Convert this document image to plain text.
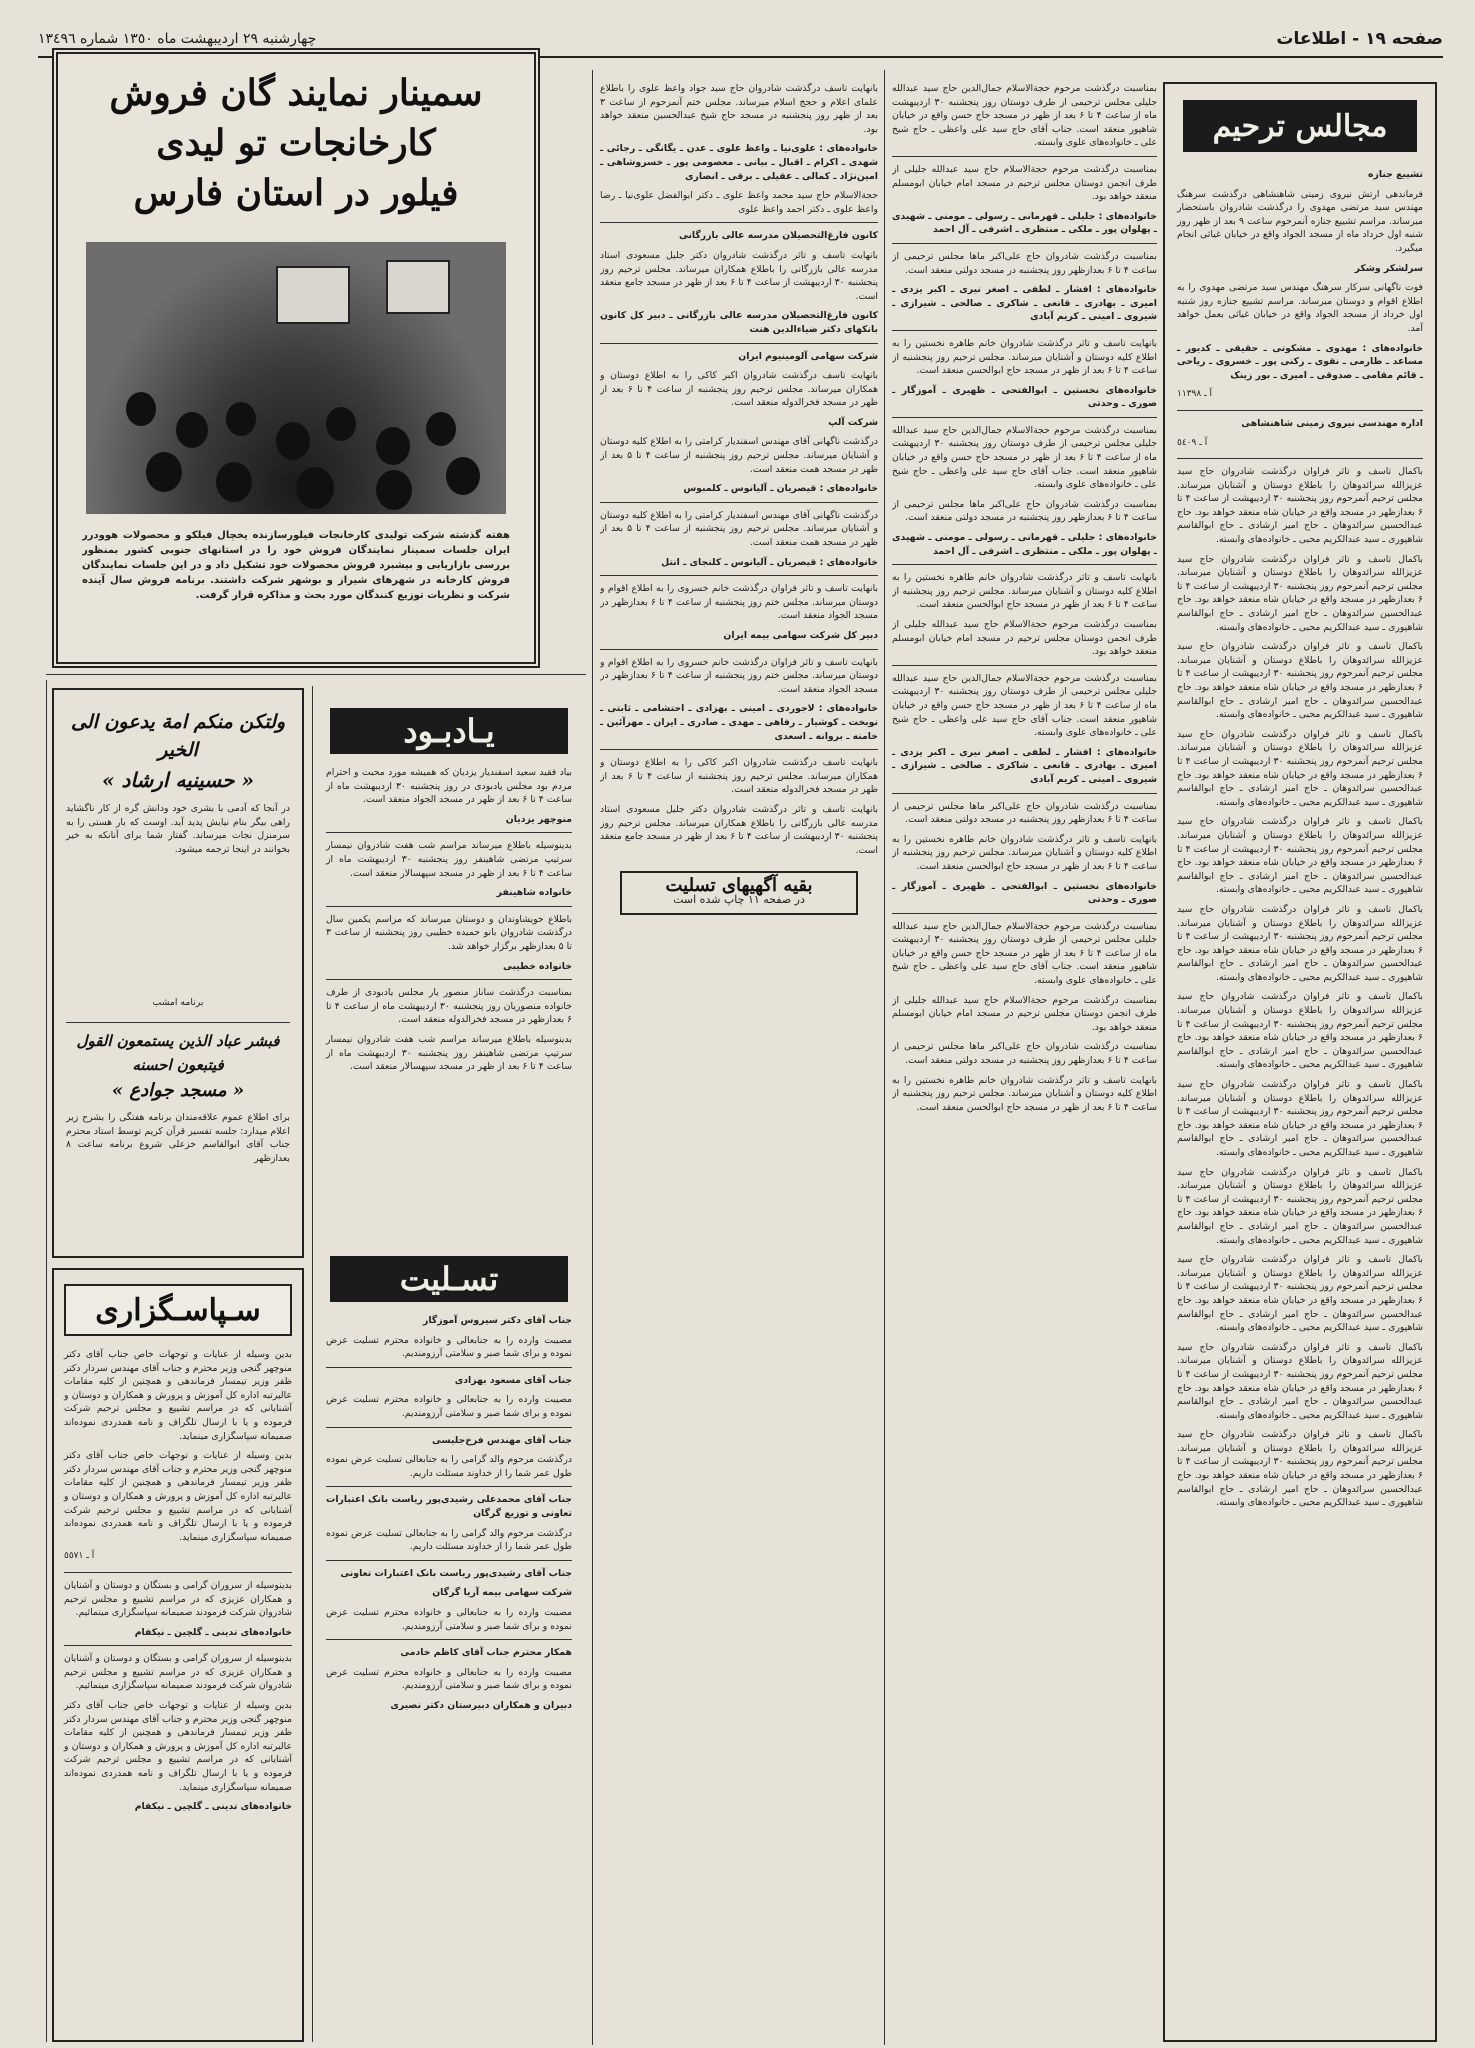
صفحه ١٩ - اطلاعات
چهارشنبه ٢٩ اردیبهشت ماه ١٣٥٠ شماره ١٣٤٩٦
مجالس ترحیم

تشییع جنازه

فرماندهی ارتش نیروی زمینی شاهنشاهی درگذشت سرهنگ مهندس سید مرتضی مهدوی را درگذشت شادروان باستحضار میرساند. مراسم تشییع جنازه آنمرحوم ساعت ۹ بعد از ظهر روز شنبه اول خرداد ماه از مسجد الجواد واقع در خیابان غیاثی انجام میگیرد.

سرلشکر وشکر

فوت ناگهانی سرکار سرهنگ مهندس سید مرتضی مهدوی را به اطلاع اقوام و دوستان میرساند. مراسم تشییع جنازه روز شنبه اول خرداد از مسجد الجواد واقع در خیابان غیاثی بعمل خواهد آمد.

خانواده‌های : مهدوی ـ مشکوتی ـ حقیقی ـ کدیور ـ مساعد ـ طارمی ـ نقوی ـ رکنی پور ـ خسروی ـ ریاحی ـ قائم مقامی ـ صدوقی ـ امیری ـ بور زینک

آ ـ ١١٣٩٨

اداره مهندسی نیروی زمینی شاهنشاهی

آ ـ ٥٤٠٩

باکمال تاسف و تاثر فراوان درگذشت شادروان حاج سید عزیزالله سرائدوهان را باطلاع دوستان و آشنایان میرساند. مجلس ترحیم آنمرحوم روز پنجشنبه ۳۰ اردیبهشت از ساعت ۴ تا ۶ بعدازظهر در مسجد واقع در خیابان شاه منعقد خواهد بود. حاج عبدالحسین سرائدوهان ـ حاج امیر ارشادی ـ حاج ابوالقاسم شاهپوری ـ سید عبدالکریم محبی ـ خانواده‌های وابسته.

باکمال تاسف و تاثر فراوان درگذشت شادروان حاج سید عزیزالله سرائدوهان را باطلاع دوستان و آشنایان میرساند. مجلس ترحیم آنمرحوم روز پنجشنبه ۳۰ اردیبهشت از ساعت ۴ تا ۶ بعدازظهر در مسجد واقع در خیابان شاه منعقد خواهد بود. حاج عبدالحسین سرائدوهان ـ حاج امیر ارشادی ـ حاج ابوالقاسم شاهپوری ـ سید عبدالکریم محبی ـ خانواده‌های وابسته.

باکمال تاسف و تاثر فراوان درگذشت شادروان حاج سید عزیزالله سرائدوهان را باطلاع دوستان و آشنایان میرساند. مجلس ترحیم آنمرحوم روز پنجشنبه ۳۰ اردیبهشت از ساعت ۴ تا ۶ بعدازظهر در مسجد واقع در خیابان شاه منعقد خواهد بود. حاج عبدالحسین سرائدوهان ـ حاج امیر ارشادی ـ حاج ابوالقاسم شاهپوری ـ سید عبدالکریم محبی ـ خانواده‌های وابسته.

باکمال تاسف و تاثر فراوان درگذشت شادروان حاج سید عزیزالله سرائدوهان را باطلاع دوستان و آشنایان میرساند. مجلس ترحیم آنمرحوم روز پنجشنبه ۳۰ اردیبهشت از ساعت ۴ تا ۶ بعدازظهر در مسجد واقع در خیابان شاه منعقد خواهد بود. حاج عبدالحسین سرائدوهان ـ حاج امیر ارشادی ـ حاج ابوالقاسم شاهپوری ـ سید عبدالکریم محبی ـ خانواده‌های وابسته.

باکمال تاسف و تاثر فراوان درگذشت شادروان حاج سید عزیزالله سرائدوهان را باطلاع دوستان و آشنایان میرساند. مجلس ترحیم آنمرحوم روز پنجشنبه ۳۰ اردیبهشت از ساعت ۴ تا ۶ بعدازظهر در مسجد واقع در خیابان شاه منعقد خواهد بود. حاج عبدالحسین سرائدوهان ـ حاج امیر ارشادی ـ حاج ابوالقاسم شاهپوری ـ سید عبدالکریم محبی ـ خانواده‌های وابسته.

باکمال تاسف و تاثر فراوان درگذشت شادروان حاج سید عزیزالله سرائدوهان را باطلاع دوستان و آشنایان میرساند. مجلس ترحیم آنمرحوم روز پنجشنبه ۳۰ اردیبهشت از ساعت ۴ تا ۶ بعدازظهر در مسجد واقع در خیابان شاه منعقد خواهد بود. حاج عبدالحسین سرائدوهان ـ حاج امیر ارشادی ـ حاج ابوالقاسم شاهپوری ـ سید عبدالکریم محبی ـ خانواده‌های وابسته.

باکمال تاسف و تاثر فراوان درگذشت شادروان حاج سید عزیزالله سرائدوهان را باطلاع دوستان و آشنایان میرساند. مجلس ترحیم آنمرحوم روز پنجشنبه ۳۰ اردیبهشت از ساعت ۴ تا ۶ بعدازظهر در مسجد واقع در خیابان شاه منعقد خواهد بود. حاج عبدالحسین سرائدوهان ـ حاج امیر ارشادی ـ حاج ابوالقاسم شاهپوری ـ سید عبدالکریم محبی ـ خانواده‌های وابسته.

باکمال تاسف و تاثر فراوان درگذشت شادروان حاج سید عزیزالله سرائدوهان را باطلاع دوستان و آشنایان میرساند. مجلس ترحیم آنمرحوم روز پنجشنبه ۳۰ اردیبهشت از ساعت ۴ تا ۶ بعدازظهر در مسجد واقع در خیابان شاه منعقد خواهد بود. حاج عبدالحسین سرائدوهان ـ حاج امیر ارشادی ـ حاج ابوالقاسم شاهپوری ـ سید عبدالکریم محبی ـ خانواده‌های وابسته.

باکمال تاسف و تاثر فراوان درگذشت شادروان حاج سید عزیزالله سرائدوهان را باطلاع دوستان و آشنایان میرساند. مجلس ترحیم آنمرحوم روز پنجشنبه ۳۰ اردیبهشت از ساعت ۴ تا ۶ بعدازظهر در مسجد واقع در خیابان شاه منعقد خواهد بود. حاج عبدالحسین سرائدوهان ـ حاج امیر ارشادی ـ حاج ابوالقاسم شاهپوری ـ سید عبدالکریم محبی ـ خانواده‌های وابسته.

باکمال تاسف و تاثر فراوان درگذشت شادروان حاج سید عزیزالله سرائدوهان را باطلاع دوستان و آشنایان میرساند. مجلس ترحیم آنمرحوم روز پنجشنبه ۳۰ اردیبهشت از ساعت ۴ تا ۶ بعدازظهر در مسجد واقع در خیابان شاه منعقد خواهد بود. حاج عبدالحسین سرائدوهان ـ حاج امیر ارشادی ـ حاج ابوالقاسم شاهپوری ـ سید عبدالکریم محبی ـ خانواده‌های وابسته.

باکمال تاسف و تاثر فراوان درگذشت شادروان حاج سید عزیزالله سرائدوهان را باطلاع دوستان و آشنایان میرساند. مجلس ترحیم آنمرحوم روز پنجشنبه ۳۰ اردیبهشت از ساعت ۴ تا ۶ بعدازظهر در مسجد واقع در خیابان شاه منعقد خواهد بود. حاج عبدالحسین سرائدوهان ـ حاج امیر ارشادی ـ حاج ابوالقاسم شاهپوری ـ سید عبدالکریم محبی ـ خانواده‌های وابسته.

باکمال تاسف و تاثر فراوان درگذشت شادروان حاج سید عزیزالله سرائدوهان را باطلاع دوستان و آشنایان میرساند. مجلس ترحیم آنمرحوم روز پنجشنبه ۳۰ اردیبهشت از ساعت ۴ تا ۶ بعدازظهر در مسجد واقع در خیابان شاه منعقد خواهد بود. حاج عبدالحسین سرائدوهان ـ حاج امیر ارشادی ـ حاج ابوالقاسم شاهپوری ـ سید عبدالکریم محبی ـ خانواده‌های وابسته.

بمناسبت درگذشت مرحوم حجةالاسلام جمال‌الدین حاج سید عبدالله جلیلی مجلس ترحیمی از طرف دوستان روز پنجشنبه ۳۰ اردیبهشت ماه از ساعت ۴ تا ۶ بعد از ظهر در مسجد حاج حسن واقع در خیابان شاهپور منعقد است. جناب آقای حاج سید علی واعظی ـ حاج شیخ علی ـ خانواده‌های علوی وابسته.

بمناسبت درگذشت مرحوم حجةالاسلام حاج سید عبدالله جلیلی از طرف انجمن دوستان مجلس ترحیم در مسجد امام خیابان ابومسلم منعقد خواهد بود.

خانواده‌های : جلیلی ـ قهرمانی ـ رسولی ـ مومنی ـ شهیدی ـ پهلوان پور ـ ملکی ـ منتظری ـ اشرفی ـ آل احمد

بمناسبت درگذشت شادروان حاج علی‌اکبر ماها مجلس ترحیمی از ساعت ۴ تا ۶ بعدازظهر روز پنجشنبه در مسجد دولتی منعقد است.

خانواده‌های : افشار ـ لطفی ـ اصغر نیری ـ اکبر یزدی ـ امیری ـ بهادری ـ قانعی ـ شاکری ـ صالحی ـ شیرازی ـ شیروی ـ امینی ـ کریم آبادی

بانهایت تاسف و تاثر درگذشت شادروان خانم طاهره نخستین را به اطلاع کلیه دوستان و آشنایان میرساند. مجلس ترحیم روز پنجشنبه از ساعت ۴ تا ۶ بعد از ظهر در مسجد حاج ابوالحسن منعقد است.

خانواده‌های نخستین ـ ابوالفتحی ـ ظهیری ـ آموزگار ـ صوری ـ وحدتی

بمناسبت درگذشت مرحوم حجةالاسلام جمال‌الدین حاج سید عبدالله جلیلی مجلس ترحیمی از طرف دوستان روز پنجشنبه ۳۰ اردیبهشت ماه از ساعت ۴ تا ۶ بعد از ظهر در مسجد حاج حسن واقع در خیابان شاهپور منعقد است. جناب آقای حاج سید علی واعظی ـ حاج شیخ علی ـ خانواده‌های علوی وابسته.

بمناسبت درگذشت شادروان حاج علی‌اکبر ماها مجلس ترحیمی از ساعت ۴ تا ۶ بعدازظهر روز پنجشنبه در مسجد دولتی منعقد است.

خانواده‌های : جلیلی ـ قهرمانی ـ رسولی ـ مومنی ـ شهیدی ـ پهلوان پور ـ ملکی ـ منتظری ـ اشرفی ـ آل احمد

بانهایت تاسف و تاثر درگذشت شادروان خانم طاهره نخستین را به اطلاع کلیه دوستان و آشنایان میرساند. مجلس ترحیم روز پنجشنبه از ساعت ۴ تا ۶ بعد از ظهر در مسجد حاج ابوالحسن منعقد است.

بمناسبت درگذشت مرحوم حجةالاسلام حاج سید عبدالله جلیلی از طرف انجمن دوستان مجلس ترحیم در مسجد امام خیابان ابومسلم منعقد خواهد بود.

بمناسبت درگذشت مرحوم حجةالاسلام جمال‌الدین حاج سید عبدالله جلیلی مجلس ترحیمی از طرف دوستان روز پنجشنبه ۳۰ اردیبهشت ماه از ساعت ۴ تا ۶ بعد از ظهر در مسجد حاج حسن واقع در خیابان شاهپور منعقد است. جناب آقای حاج سید علی واعظی ـ حاج شیخ علی ـ خانواده‌های علوی وابسته.

خانواده‌های : افشار ـ لطفی ـ اصغر نیری ـ اکبر یزدی ـ امیری ـ بهادری ـ قانعی ـ شاکری ـ صالحی ـ شیرازی ـ شیروی ـ امینی ـ کریم آبادی

بمناسبت درگذشت شادروان حاج علی‌اکبر ماها مجلس ترحیمی از ساعت ۴ تا ۶ بعدازظهر روز پنجشنبه در مسجد دولتی منعقد است.

بانهایت تاسف و تاثر درگذشت شادروان خانم طاهره نخستین را به اطلاع کلیه دوستان و آشنایان میرساند. مجلس ترحیم روز پنجشنبه از ساعت ۴ تا ۶ بعد از ظهر در مسجد حاج ابوالحسن منعقد است.

خانواده‌های نخستین ـ ابوالفتحی ـ ظهیری ـ آموزگار ـ صوری ـ وحدتی

بمناسبت درگذشت مرحوم حجةالاسلام جمال‌الدین حاج سید عبدالله جلیلی مجلس ترحیمی از طرف دوستان روز پنجشنبه ۳۰ اردیبهشت ماه از ساعت ۴ تا ۶ بعد از ظهر در مسجد حاج حسن واقع در خیابان شاهپور منعقد است. جناب آقای حاج سید علی واعظی ـ حاج شیخ علی ـ خانواده‌های علوی وابسته.

بمناسبت درگذشت مرحوم حجةالاسلام حاج سید عبدالله جلیلی از طرف انجمن دوستان مجلس ترحیم در مسجد امام خیابان ابومسلم منعقد خواهد بود.

بمناسبت درگذشت شادروان حاج علی‌اکبر ماها مجلس ترحیمی از ساعت ۴ تا ۶ بعدازظهر روز پنجشنبه در مسجد دولتی منعقد است.

بانهایت تاسف و تاثر درگذشت شادروان خانم طاهره نخستین را به اطلاع کلیه دوستان و آشنایان میرساند. مجلس ترحیم روز پنجشنبه از ساعت ۴ تا ۶ بعد از ظهر در مسجد حاج ابوالحسن منعقد است.

بانهایت تاسف درگذشت شادروان حاج سید جواد واعظ علوی را باطلاع علمای اعلام و حجج اسلام میرساند. مجلس ختم آنمرحوم از ساعت ۳ بعد از ظهر روز پنجشنبه در مسجد حاج شیخ عبدالحسین منعقد خواهد بود.

خانواده‌های : علوی‌نیا ـ واعظ علوی ـ عدن ـ یگانگی ـ رجائی ـ شهدی ـ اکرام ـ اقبال ـ بیانی ـ معصومی پور ـ خسروشاهی ـ امین‌نژاد ـ کمالی ـ عقیلی ـ برقی ـ انصاری

حجةالاسلام حاج سید محمد واعظ علوی ـ دکتر ابوالفضل علوی‌نیا ـ رضا واعظ علوی ـ دکتر احمد واعظ علوی

کانون فارغ‌التحصیلان مدرسه عالی بازرگانی

بانهایت تاسف و تاثر درگذشت شادروان دکتر جلیل مسعودی استاد مدرسه عالی بازرگانی را باطلاع همکاران میرساند. مجلس ترحیم روز پنجشنبه ۳۰ اردیبهشت از ساعت ۴ تا ۶ بعد از ظهر در مسجد جامع منعقد است.

کانون فارغ‌التحصیلان مدرسه عالی بازرگانی ـ دبیر کل کانون بانکهای دکتر ضیاءالدین هنت

شرکت سهامی آلومینیوم ایران

بانهایت تاسف درگذشت شادروان اکبر کاکی را به اطلاع دوستان و همکاران میرساند. مجلس ترحیم روز پنجشنبه از ساعت ۴ تا ۶ بعد از ظهر در مسجد فخرالدوله منعقد است.

شرکت آلپ

درگذشت ناگهانی آقای مهندس اسفندیار کرامتی را به اطلاع کلیه دوستان و آشنایان میرساند. مجلس ترحیم روز پنجشنبه از ساعت ۴ تا ۵ بعد از ظهر در مسجد همت منعقد است.

خانواده‌های : قیصریان ـ آلیانوس ـ کلمبوس

درگذشت ناگهانی آقای مهندس اسفندیار کرامتی را به اطلاع کلیه دوستان و آشنایان میرساند. مجلس ترحیم روز پنجشنبه از ساعت ۴ تا ۵ بعد از ظهر در مسجد همت منعقد است.

خانواده‌های : قیصریان ـ آلیانوس ـ کلنجای ـ انتل

بانهایت تاسف و تاثر فراوان درگذشت خانم خسروی را به اطلاع اقوام و دوستان میرساند. مجلس ختم روز پنجشنبه از ساعت ۴ تا ۶ بعدازظهر در مسجد الجواد منعقد است.

دبیر کل شرکت سهامی بیمه ایران

بانهایت تاسف و تاثر فراوان درگذشت خانم خسروی را به اطلاع اقوام و دوستان میرساند. مجلس ختم روز پنجشنبه از ساعت ۴ تا ۶ بعدازظهر در مسجد الجواد منعقد است.

خانواده‌های : لاجوردی ـ امینی ـ بهزادی ـ احتشامی ـ ثابتی ـ نوبخت ـ کوشیار ـ رفاهی ـ مهدی ـ صادری ـ ایران ـ مهرآئین ـ خامنه ـ بروانه ـ اسعدی

بانهایت تاسف درگذشت شادروان اکبر کاکی را به اطلاع دوستان و همکاران میرساند. مجلس ترحیم روز پنجشنبه از ساعت ۴ تا ۶ بعد از ظهر در مسجد فخرالدوله منعقد است.

بانهایت تاسف و تاثر درگذشت شادروان دکتر جلیل مسعودی استاد مدرسه عالی بازرگانی را باطلاع همکاران میرساند. مجلس ترحیم روز پنجشنبه ۳۰ اردیبهشت از ساعت ۴ تا ۶ بعد از ظهر در مسجد جامع منعقد است.

بقیه آگهیهای تسلیت
در صفحه ۱۱ چاپ شده است
سمینار نمایند گان فروش
کارخانجات تو لیدی
فیلور در استان فارس
هفته گذشته شرکت تولیدی کارخانجات فیلورسازنده یخچال فیلکو و محصولات هوودرر ایران جلسات سمینار نمایندگان فروش خود را در استانهای جنوبی کشور بمنظور بررسی بازاریابی و بیشبرد فروش محصولات خود تشکیل داد و در این جلسات نمایندگان فروش کارخانه در شهرهای شیراز و بوشهر شرکت داشتند. برنامه فروش سال آینده شرکت و نظریات توزیع کنندگان مورد بحث و مذاکره قرار گرفت.
یـادبـود

بیاد فقید سعید اسفندیار یزدیان که همیشه مورد محبت و احترام مردم بود مجلس یادبودی در روز پنجشنبه ۳۰ اردیبهشت ماه از ساعت ۴ تا ۶ بعد از ظهر در مسجد الجواد منعقد است.

منوچهر یزدیان

بدینوسیله باطلاع میرساند مراسم شب هفت شادروان نیمسار سرتیپ مرتضی شاهینفر روز پنجشنبه ۳۰ اردیبهشت ماه از ساعت ۴ تا ۶ بعد از ظهر در مسجد سپهسالار منعقد است.

خانواده شاهینفر

باطلاع خویشاوندان و دوستان میرساند که مراسم یکمین سال درگذشت شادروان بانو حمیده خطیبی روز پنجشنبه از ساعت ۳ تا ۵ بعدازظهر برگزار خواهد شد.

خانواده خطیبی

بمناسبت درگذشت ساناز منصور یار مجلس یادبودی از طرف خانواده منصوریان روز پنجشنبه ۳۰ اردیبهشت ماه از ساعت ۴ تا ۶ بعدازظهر در مسجد فخرالدوله منعقد است.

بدینوسیله باطلاع میرساند مراسم شب هفت شادروان نیمسار سرتیپ مرتضی شاهینفر روز پنجشنبه ۳۰ اردیبهشت ماه از ساعت ۴ تا ۶ بعد از ظهر در مسجد سپهسالار منعقد است.

تسـلیت

جناب آقای دکتر سیروس آموزگار

مصیبت وارده را به جنابعالی و خانواده محترم تسلیت عرض نموده و برای شما صبر و سلامتی آرزومندیم.

جناب آقای مسعود بهزادی

مصیبت وارده را به جنابعالی و خانواده محترم تسلیت عرض نموده و برای شما صبر و سلامتی آرزومندیم.

جناب آقای مهندس فرخ‌جلیسی

درگذشت مرحوم والد گرامی را به جنابعالی تسلیت عرض نموده طول عمر شما را از خداوند مسئلت داریم.

جناب آقای محمدعلی رشیدی‌پور ریاست بانک اعتبارات تعاونی و توزیع گرگان

درگذشت مرحوم والد گرامی را به جنابعالی تسلیت عرض نموده طول عمر شما را از خداوند مسئلت داریم.

جناب آقای رشیدی‌پور ریاست بانک اعتبارات تعاونی

شرکت سهامی بیمه آریا گرگان

مصیبت وارده را به جنابعالی و خانواده محترم تسلیت عرض نموده و برای شما صبر و سلامتی آرزومندیم.

همکار محترم جناب آقای کاظم خادمی

مصیبت وارده را به جنابعالی و خانواده محترم تسلیت عرض نموده و برای شما صبر و سلامتی آرزومندیم.

دبیران و همکاران دبیرستان دکتر نصیری

ولتکن منکم امة یدعون الی الخیر
« حسینیه ارشاد »
در آنجا که آدمی با بشری خود ودانش گره از کار ناگشاید راهی بیگر بنام نیایش پدید آید. اوست که بار هستی را به سرمنزل نجات میرساند. گفتار شما برای آنانکه به خیر بخوانند در اینجا ترجمه میشود.
برنامه امشب
فبشر عباد الذین یستمعون القول فیتبعون احسنه
« مسجد جوادع »
برای اطلاع عموم علاقه‌مندان برنامه هفتگی را بشرح زیر اعلام میدارد: جلسه تفسیر قرآن کریم توسط استاد محترم جناب آقای ابوالقاسم خزعلی شروع برنامه ساعت ۸ بعدازظهر
سـپاسـگزاری

بدین وسیله از عنایات و توجهات خاص جناب آقای دکتر منوچهر گنجی وزیر محترم و جناب آقای مهندس سردار دکتر ظفر وزیر تیمسار فرماندهی و همچنین از کلیه مقامات عالیرتبه اداره کل آموزش و پرورش و همکاران و دوستان و آشنایانی که در مراسم تشییع و مجلس ترحیم شرکت فرموده و یا با ارسال تلگراف و نامه همدردی نموده‌اند صمیمانه سپاسگزاری مینماید.

بدین وسیله از عنایات و توجهات خاص جناب آقای دکتر منوچهر گنجی وزیر محترم و جناب آقای مهندس سردار دکتر ظفر وزیر تیمسار فرماندهی و همچنین از کلیه مقامات عالیرتبه اداره کل آموزش و پرورش و همکاران و دوستان و آشنایانی که در مراسم تشییع و مجلس ترحیم شرکت فرموده و یا با ارسال تلگراف و نامه همدردی نموده‌اند صمیمانه سپاسگزاری مینماید.

آ ـ ٥٥٧١

بدینوسیله از سروران گرامی و بستگان و دوستان و آشنایان و همکاران عزیزی که در مراسم تشییع و مجلس ترحیم شادروان شرکت فرمودند صمیمانه سپاسگزاری مینمائیم.

خانواده‌های تدینی ـ گلچین ـ نیکفام

بدینوسیله از سروران گرامی و بستگان و دوستان و آشنایان و همکاران عزیزی که در مراسم تشییع و مجلس ترحیم شادروان شرکت فرمودند صمیمانه سپاسگزاری مینمائیم.

بدین وسیله از عنایات و توجهات خاص جناب آقای دکتر منوچهر گنجی وزیر محترم و جناب آقای مهندس سردار دکتر ظفر وزیر تیمسار فرماندهی و همچنین از کلیه مقامات عالیرتبه اداره کل آموزش و پرورش و همکاران و دوستان و آشنایانی که در مراسم تشییع و مجلس ترحیم شرکت فرموده و یا با ارسال تلگراف و نامه همدردی نموده‌اند صمیمانه سپاسگزاری مینماید.

خانواده‌های تدینی ـ گلچین ـ نیکفام
